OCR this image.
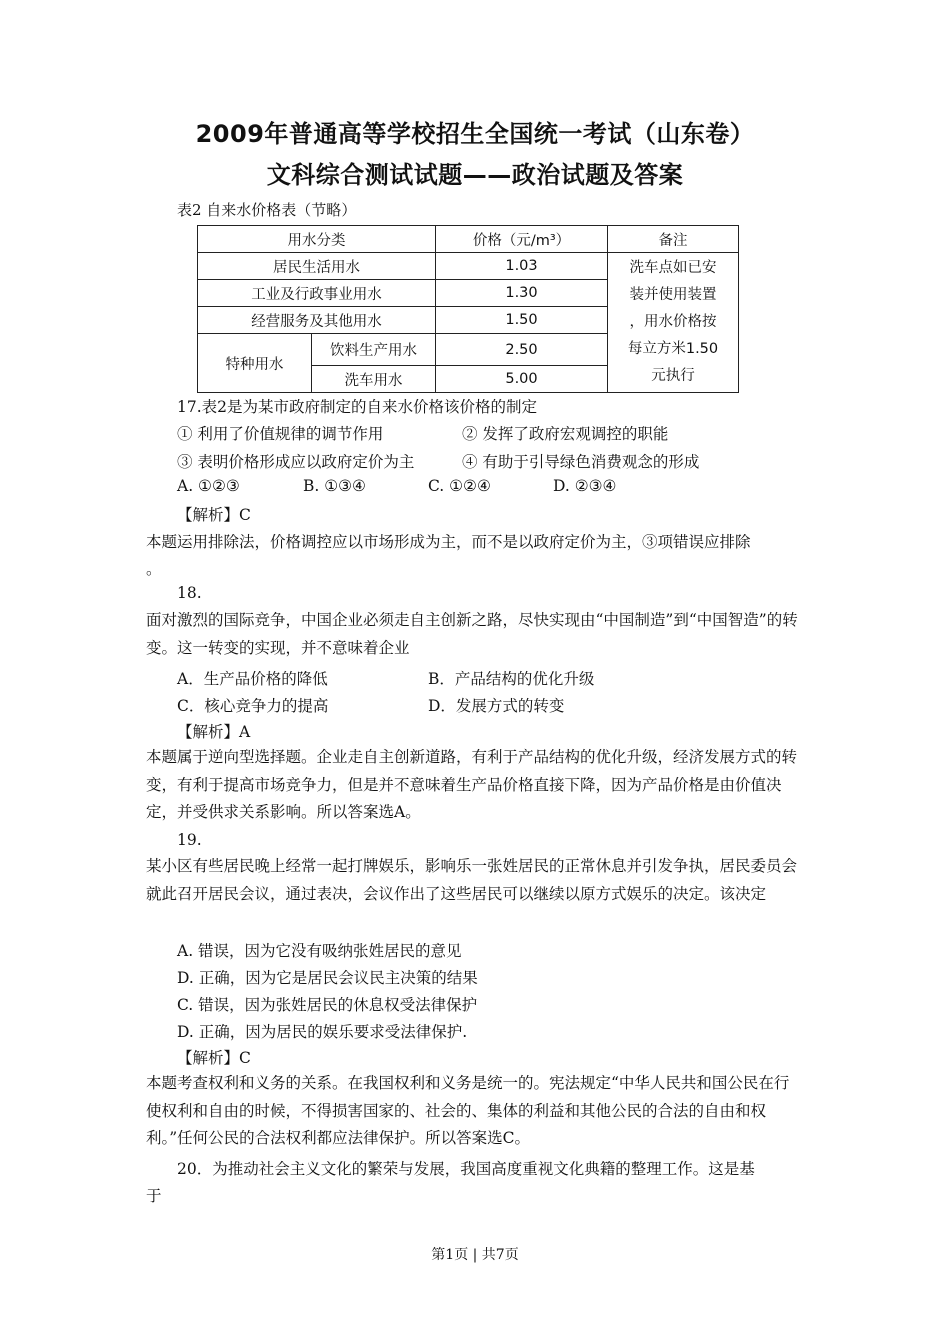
2009年普通高等学校招生全国统一考试（山东卷）
文科综合测试试题——政治试题及答案
表2 自来水价格表（节略）
用水分类		价格（元/m³）	备注
居民生活用水		1.03	洗车点如已安
装并使用装置
，用水价格按
每立方米1.50
元执行

工业及行政事业用水		1.30	
经营服务及其他用水		1.50	
特种用水	饮料生产用水	2.50	
	洗车用水	5.00	
17.表2是为某市政府制定的自来水价格该价格的制定
① 利用了价值规律的调节作用	② 发挥了政府宏观调控的职能
③ 表明价格形成应以政府定价为主	④ 有助于引导绿色消费观念的形成
A. ①②③	B. ①③④	C. ①②④	D. ②③④
【解析】C
本题运用排除法，价格调控应以市场形成为主，而不是以政府定价为主，③项错误应排除
。
18.
面对激烈的国际竞争，中国企业必须走自主创新之路，尽快实现由“中国制造”到“中国智造”的转变。这一转变的实现，并不意味着企业
A．生产品价格的降低	B．产品结构的优化升级
C．核心竞争力的提高	D．发展方式的转变
【解析】A
本题属于逆向型选择题。企业走自主创新道路，有利于产品结构的优化升级，经济发展方式的转变，有利于提高市场竞争力，但是并不意味着生产品价格直接下降，因为产品价格是由价值决定，并受供求关系影响。所以答案选A。
19.
某小区有些居民晚上经常一起打牌娱乐，影响乐一张姓居民的正常休息并引发争执，居民委员会就此召开居民会议，通过表决，会议作出了这些居民可以继续以原方式娱乐的决定。该决定
A. 错误，因为它没有吸纳张姓居民的意见
D. 正确，因为它是居民会议民主决策的结果
C. 错误，因为张姓居民的休息权受法律保护
D. 正确，因为居民的娱乐要求受法律保护.
【解析】C
本题考查权利和义务的关系。在我国权利和义务是统一的。宪法规定“中华人民共和国公民在行使权利和自由的时候，不得损害国家的、社会的、集体的利益和其他公民的合法的自由和权利。”任何公民的合法权利都应法律保护。所以答案选C。
20．为推动社会主义文化的繁荣与发展，我国高度重视文化典籍的整理工作。这是基
于
第1页 | 共7页
